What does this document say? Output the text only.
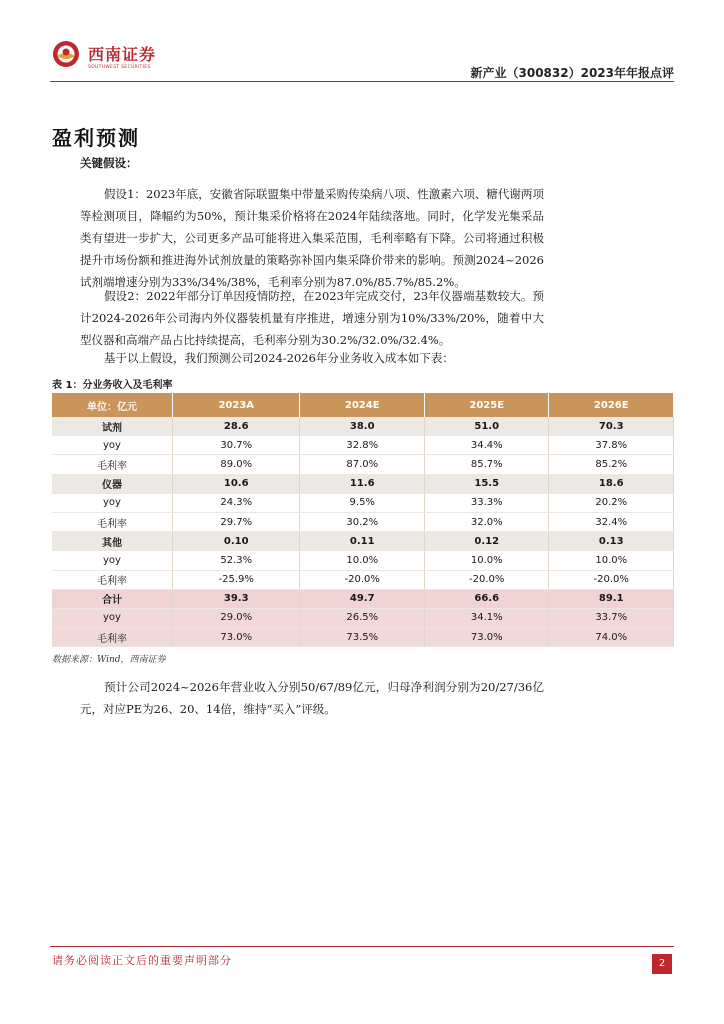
西南证券
SOUTHWEST SECURITIES	新产业（300832）2023年年报点评
盈利预测
关键假设：
假设1：2023年底，安徽省际联盟集中带量采购传染病八项、性激素六项、糖代谢两项等检测项目，降幅约为50%，预计集采价格将在2024年陆续落地。同时，化学发光集采品类有望进一步扩大，公司更多产品可能将进入集采范围，毛利率略有下降。公司将通过积极提升市场份额和推进海外试剂放量的策略弥补国内集采降价带来的影响。预测2024~2026试剂端增速分别为33%/34%/38%，毛利率分别为87.0%/85.7%/85.2%。
假设2：2022年部分订单因疫情防控，在2023年完成交付，23年仪器端基数较大。预计2024-2026年公司海内外仪器装机量有序推进，增速分别为10%/33%/20%，随着中大型仪器和高端产品占比持续提高，毛利率分别为30.2%/32.0%/32.4%。
基于以上假设，我们预测公司2024-2026年分业务收入成本如下表：
表 1：分业务收入及毛利率
单位：亿元	2023A	2024E	2025E	2026E
试剂	28.6	38.0	51.0	70.3
yoy	30.7%	32.8%	34.4%	37.8%
毛利率	89.0%	87.0%	85.7%	85.2%
仪器	10.6	11.6	15.5	18.6
yoy	24.3%	9.5%	33.3%	20.2%
毛利率	29.7%	30.2%	32.0%	32.4%
其他	0.10	0.11	0.12	0.13
yoy	52.3%	10.0%	10.0%	10.0%
毛利率	-25.9%	-20.0%	-20.0%	-20.0%
合计	39.3	49.7	66.6	89.1
yoy	29.0%	26.5%	34.1%	33.7%
毛利率	73.0%	73.5%	73.0%	74.0%
数据来源：Wind，西南证券
预计公司2024~2026年营业收入分别50/67/89亿元，归母净利润分别为20/27/36亿元，对应PE为26、20、14倍，维持“买入”评级。
请务必阅读正文后的重要声明部分	2
